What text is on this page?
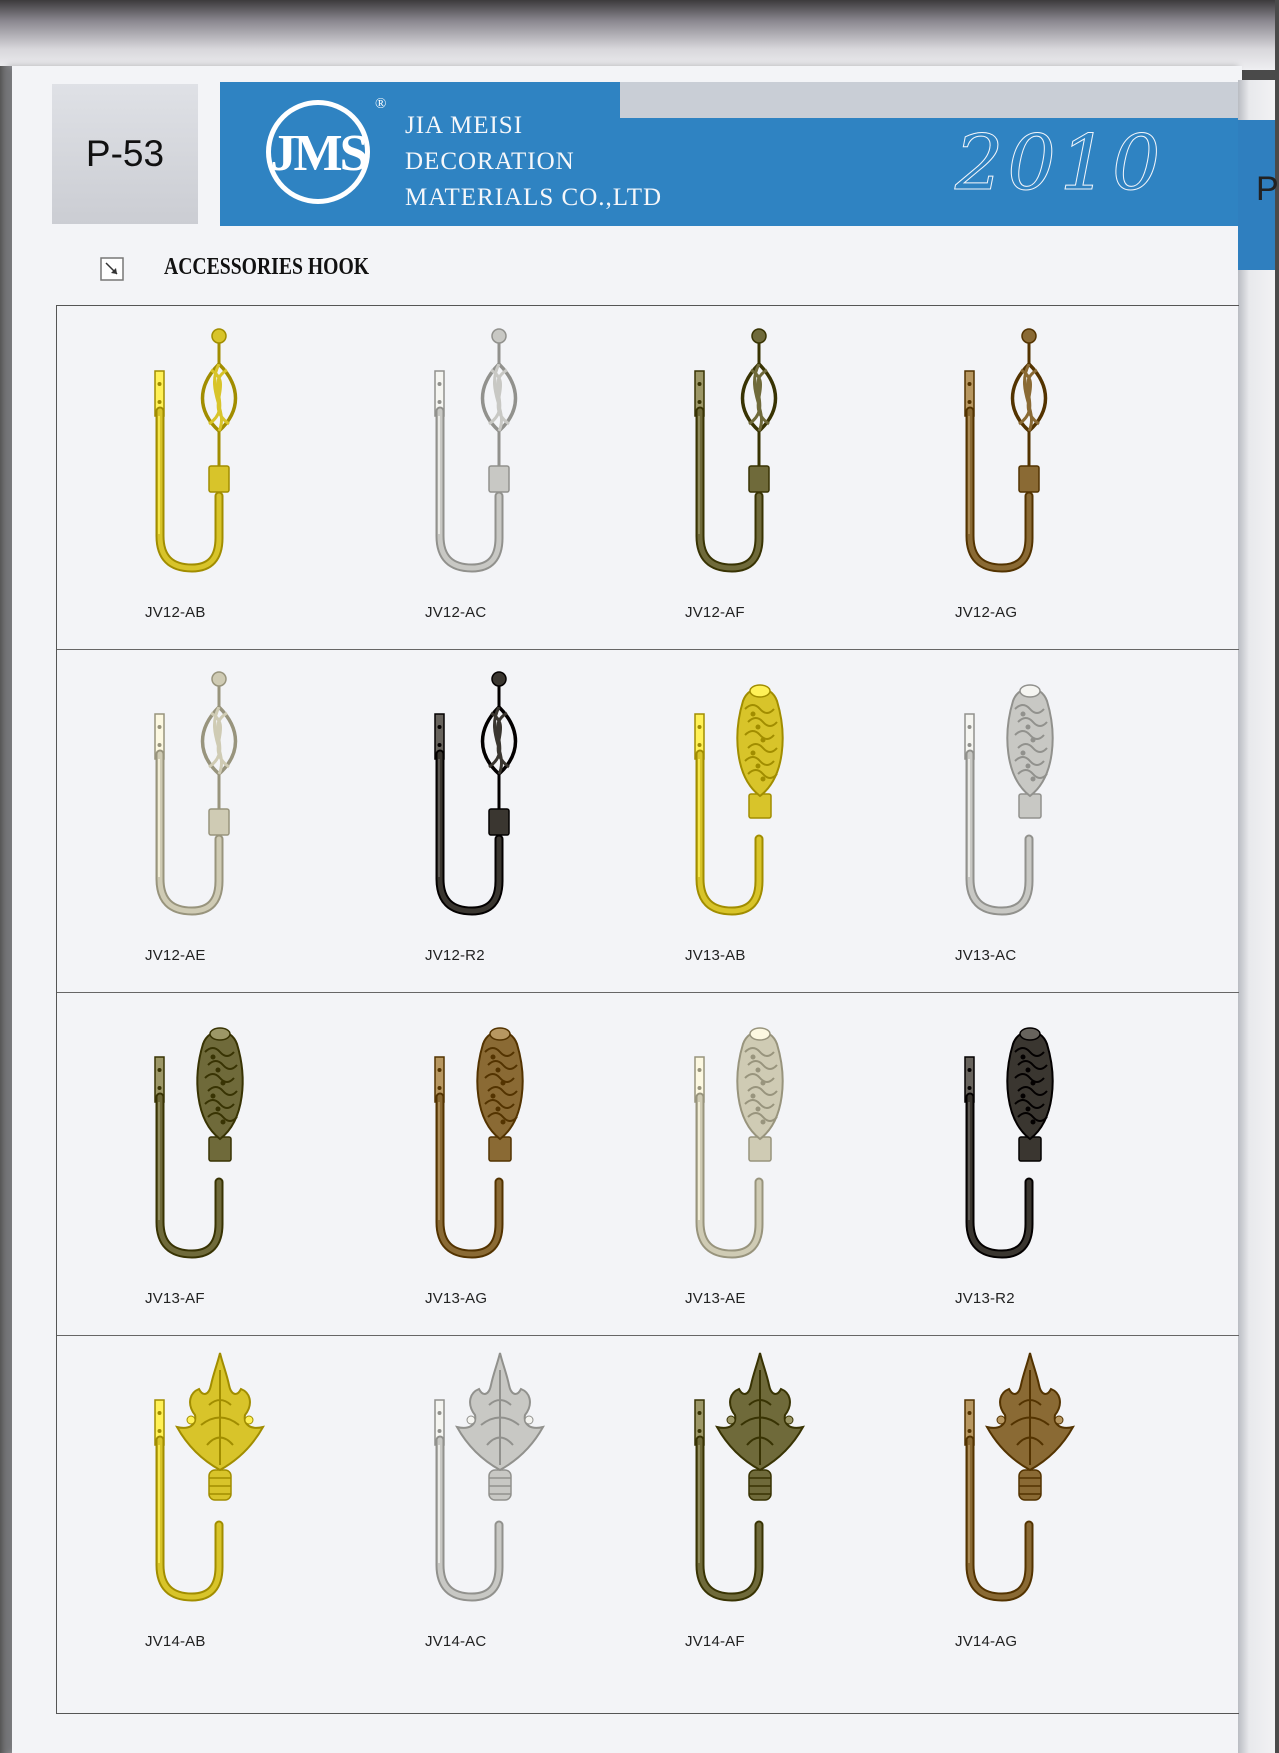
P
P-53 JMS
®
JIA MEISI
DECORATION
MATERIALS CO.,LTD	2010
ACCESSORIES HOOK
JV12-AB	JV12-AC	JV12-AF	JV12-AG
JV12-AE	JV12-R2	JV13-AB	JV13-AC
JV13-AF	JV13-AG	JV13-AE	JV13-R2
JV14-AB	JV14-AC	JV14-AF	JV14-AG
